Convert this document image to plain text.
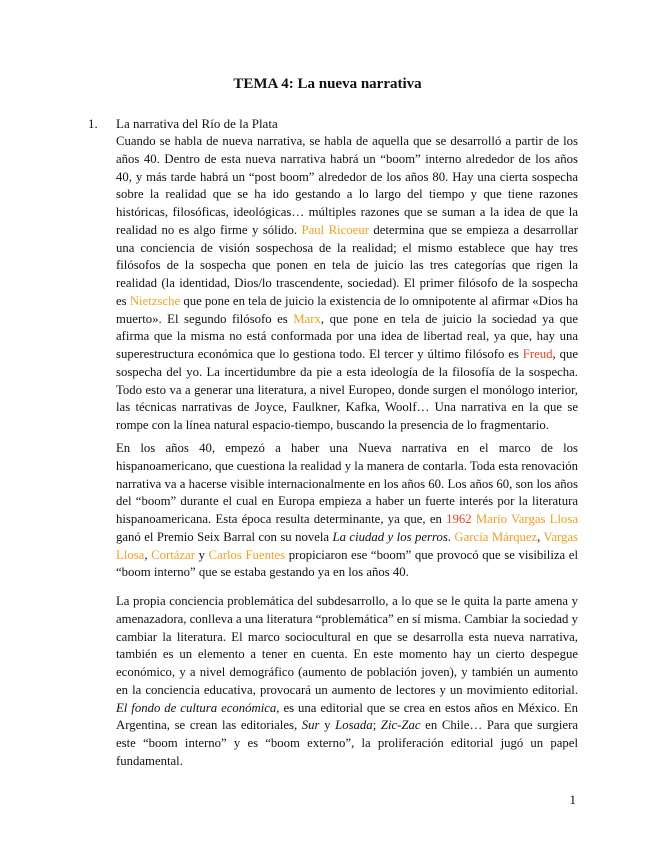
TEMA 4: La nueva narrativa
1.	La narrativa del Río de la Plata

Cuando se habla de nueva narrativa, se habla de aquella que se desarrolló a partir de los años 40. Dentro de esta nueva narrativa habrá un “boom” interno alrededor de los años 40, y más tarde habrá un “post boom” alrededor de los años 80. Hay una cierta sospecha sobre la realidad que se ha ido gestando a lo largo del tiempo y que tiene razones históricas, filosóficas, ideológicas… múltiples razones que se suman a la idea de que la realidad no es algo firme y sólido. Paul Ricoeur determina que se empieza a desarrollar una conciencia de visión sospechosa de la realidad; el mismo establece que hay tres filósofos de la sospecha que ponen en tela de juicio las tres categorías que rigen la realidad (la identidad, Dios/lo trascendente, sociedad). El primer filósofo de la sospecha es Nietzsche que pone en tela de juicio la existencia de lo omnipotente al afirmar «Dios ha muerto». El segundo filósofo es Marx, que pone en tela de juicio la sociedad ya que afirma que la misma no está conformada por una idea de libertad real, ya que, hay una superestructura económica que lo gestiona todo. El tercer y último filósofo es Freud, que sospecha del yo. La incertidumbre da pie a esta ideología de la filosofía de la sospecha. Todo esto va a generar una literatura, a nivel Europeo, donde surgen el monólogo interior, las técnicas narrativas de Joyce, Faulkner, Kafka, Woolf… Una narrativa en la que se rompe con la línea natural espacio-tiempo, buscando la presencia de lo fragmentario.

En los años 40, empezó a haber una Nueva narrativa en el marco de los hispanoamericano, que cuestiona la realidad y la manera de contarla. Toda esta renovación narrativa va a hacerse visible internacionalmente en los años 60. Los años 60, son los años del “boom” durante el cual en Europa empieza a haber un fuerte interés por la literatura hispanoamericana. Esta época resulta determinante, ya que, en 1962 Mario Vargas Llosa ganó el Premio Seix Barral con su novela La ciudad y los perros. García Márquez, Vargas Llosa, Cortázar y Carlos Fuentes propiciaron ese “boom” que provocó que se visibiliza el “boom interno” que se estaba gestando ya en los años 40.

La propia conciencia problemática del subdesarrollo, a lo que se le quita la parte amena y amenazadora, conlleva a una literatura “problemática” en sí misma. Cambiar la sociedad y cambiar la literatura. El marco sociocultural en que se desarrolla esta nueva narrativa, también es un elemento a tener en cuenta. En este momento hay un cierto despegue económico, y a nivel demográfico (aumento de población joven), y también un aumento en la conciencia educativa, provocará un aumento de lectores y un movimiento editorial. El fondo de cultura económica, es una editorial que se crea en estos años en México. En Argentina, se crean las editoriales, Sur y Losada; Zic-Zac en Chile… Para que surgiera este “boom interno” y es “boom externo”, la proliferación editorial jugó un papel fundamental.

1
